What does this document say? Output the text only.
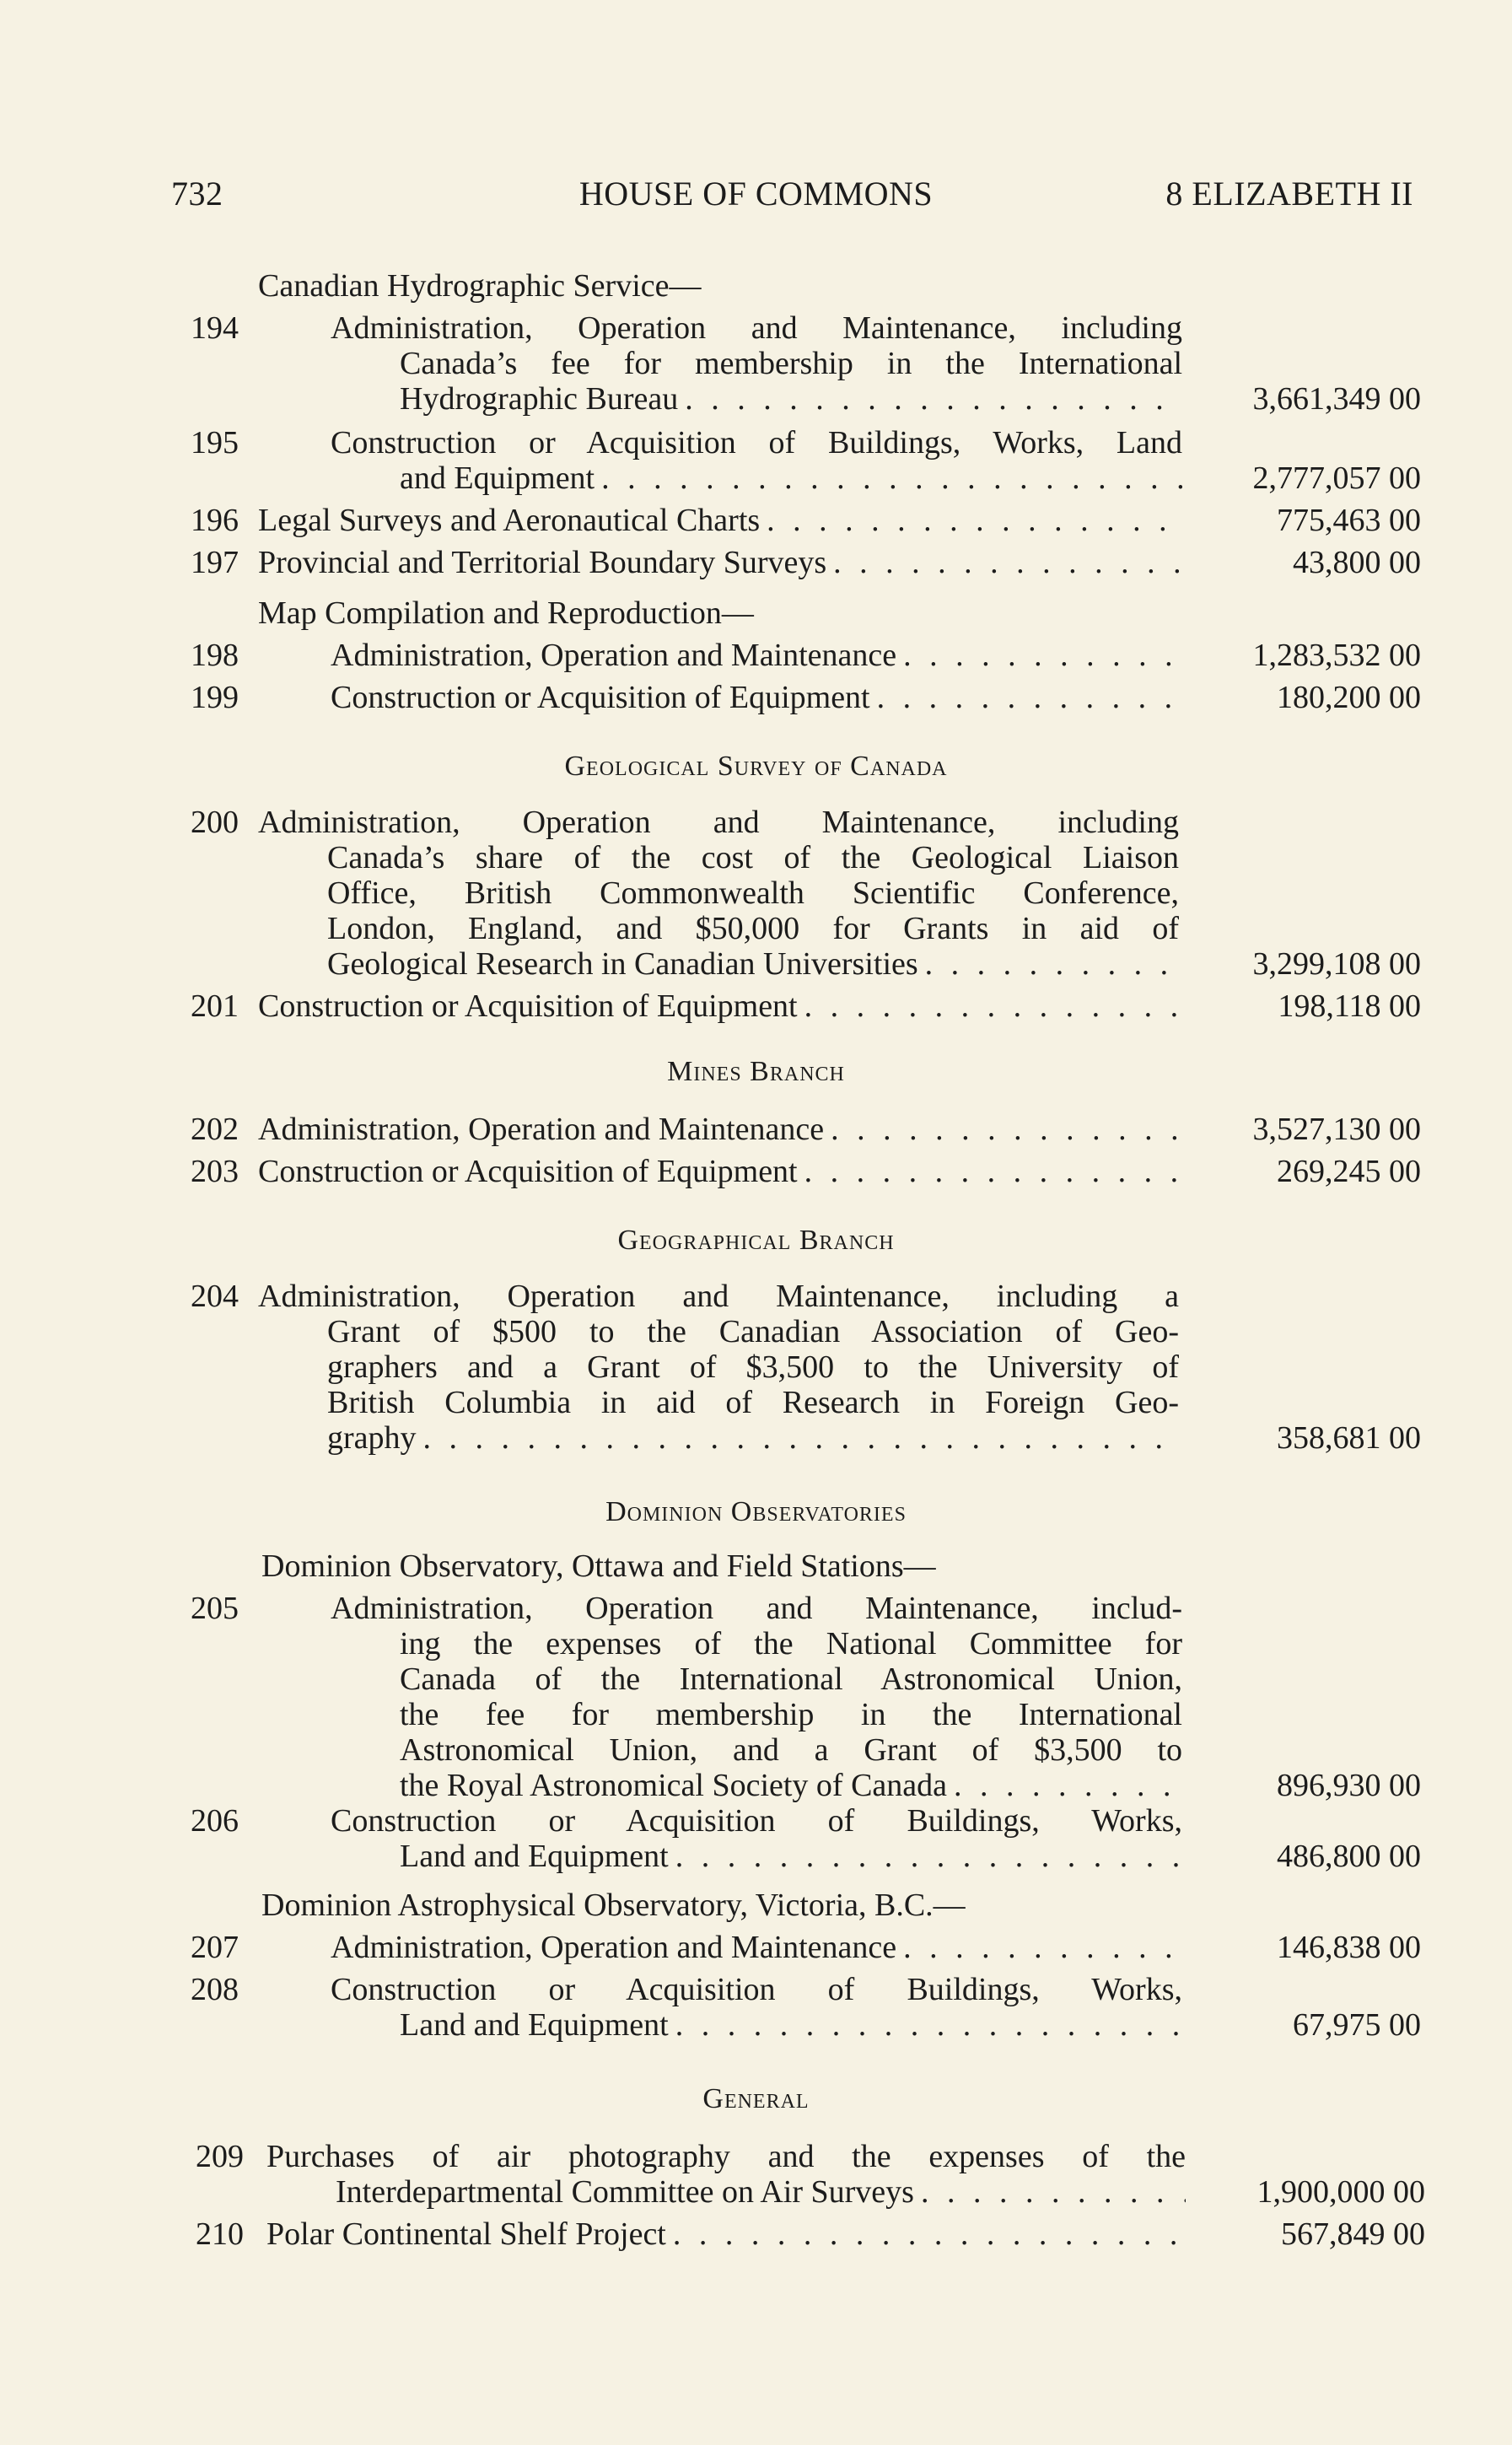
732	HOUSE OF COMMONS	8 ELIZABETH II
Canadian Hydrographic Service—
194	Administration, Operation and Maintenance, including
Canada’s fee for membership in the International
Hydrographic Bureau . . .	3,661,349 00
195	Construction or Acquisition of Buildings, Works, Land
and Equipment . . .	2,777,057 00
196 Legal Surveys and Aeronautical Charts . . .	775,463 00
197 Provincial and Territorial Boundary Surveys . . .	43,800 00
Map Compilation and Reproduction—
198	Administration, Operation and Maintenance . . .	1,283,532 00
199	Construction or Acquisition of Equipment . . .	180,200 00
Geological Survey of Canada
200 Administration, Operation and Maintenance, including
Canada’s share of the cost of the Geological Liaison
Office, British Commonwealth Scientific Conference,
London, England, and $50,000 for Grants in aid of
Geological Research in Canadian Universities . . .	3,299,108 00
201 Construction or Acquisition of Equipment . . .	198,118 00
Mines Branch
202 Administration, Operation and Maintenance . . .	3,527,130 00
203 Construction or Acquisition of Equipment . . .	269,245 00
Geographical Branch
204 Administration, Operation and Maintenance, including a
Grant of $500 to the Canadian Association of Geo-
graphers and a Grant of $3,500 to the University of
British Columbia in aid of Research in Foreign Geo-
graphy . . .	358,681 00
Dominion Observatories
Dominion Observatory, Ottawa and Field Stations—
205	Administration, Operation and Maintenance, includ-
ing the expenses of the National Committee for
Canada of the International Astronomical Union,
the fee for membership in the International
Astronomical Union, and a Grant of $3,500 to
the Royal Astronomical Society of Canada . . .	896,930 00
206	Construction or Acquisition of Buildings, Works,
Land and Equipment . . .	486,800 00
Dominion Astrophysical Observatory, Victoria, B.C.—
207	Administration, Operation and Maintenance . . .	146,838 00
208	Construction or Acquisition of Buildings, Works,
Land and Equipment . . .	67,975 00
General
209 Purchases of air photography and the expenses of the
Interdepartmental Committee on Air Surveys . . .	1,900,000 00
210 Polar Continental Shelf Project . . .	567,849 00
